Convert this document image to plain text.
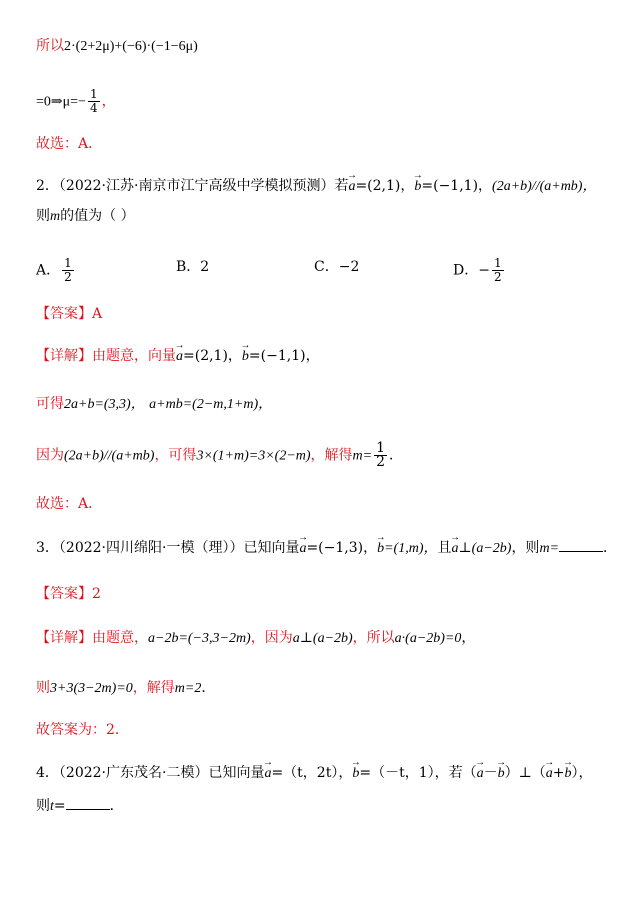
所以2·(2+2μ)+(−6)·(−1−6μ)
=0⇒μ=− $\frac{1}{4}$ ，
故选：A．
2．（2022·江苏·南京市江宁高级中学模拟预测）若→ a=(2,1)，→ b=(−1,1)，(2a+b)//(a+mb)，
则m的值为（ ）
A． $\frac{1}{2}$	B．2	C．−2	D．− $\frac{1}{2}$
【答案】A
【详解】由题意，向量→ a=(2,1)，→ b=(−1,1)，
可得2a+b=(3,3)， a+mb=(2−m,1+m)，
因为(2a+b)//(a+mb)，可得3×(1+m)=3×(2−m)，解得$m= \frac{1}{2}$ ．
故选：A．
3．（2022·四川绵阳·一模（理））已知向量→ a=(−1,3)，→ b=(1,m)，且→ a⊥(a−2b)，则m=	．
【答案】2
【详解】由题意，a−2b=(−3,3−2m)，因为a⊥(a−2b)，所以a·(a−2b)=0，
则3+3(3−2m)=0，解得m=2．
故答案为：2．
4．（2022·广东茂名·二模）已知向量→ a=（t，2t），→ b=（－t，1），若（→ a－→ b）⊥（→ a+→ b），
则t=	．
